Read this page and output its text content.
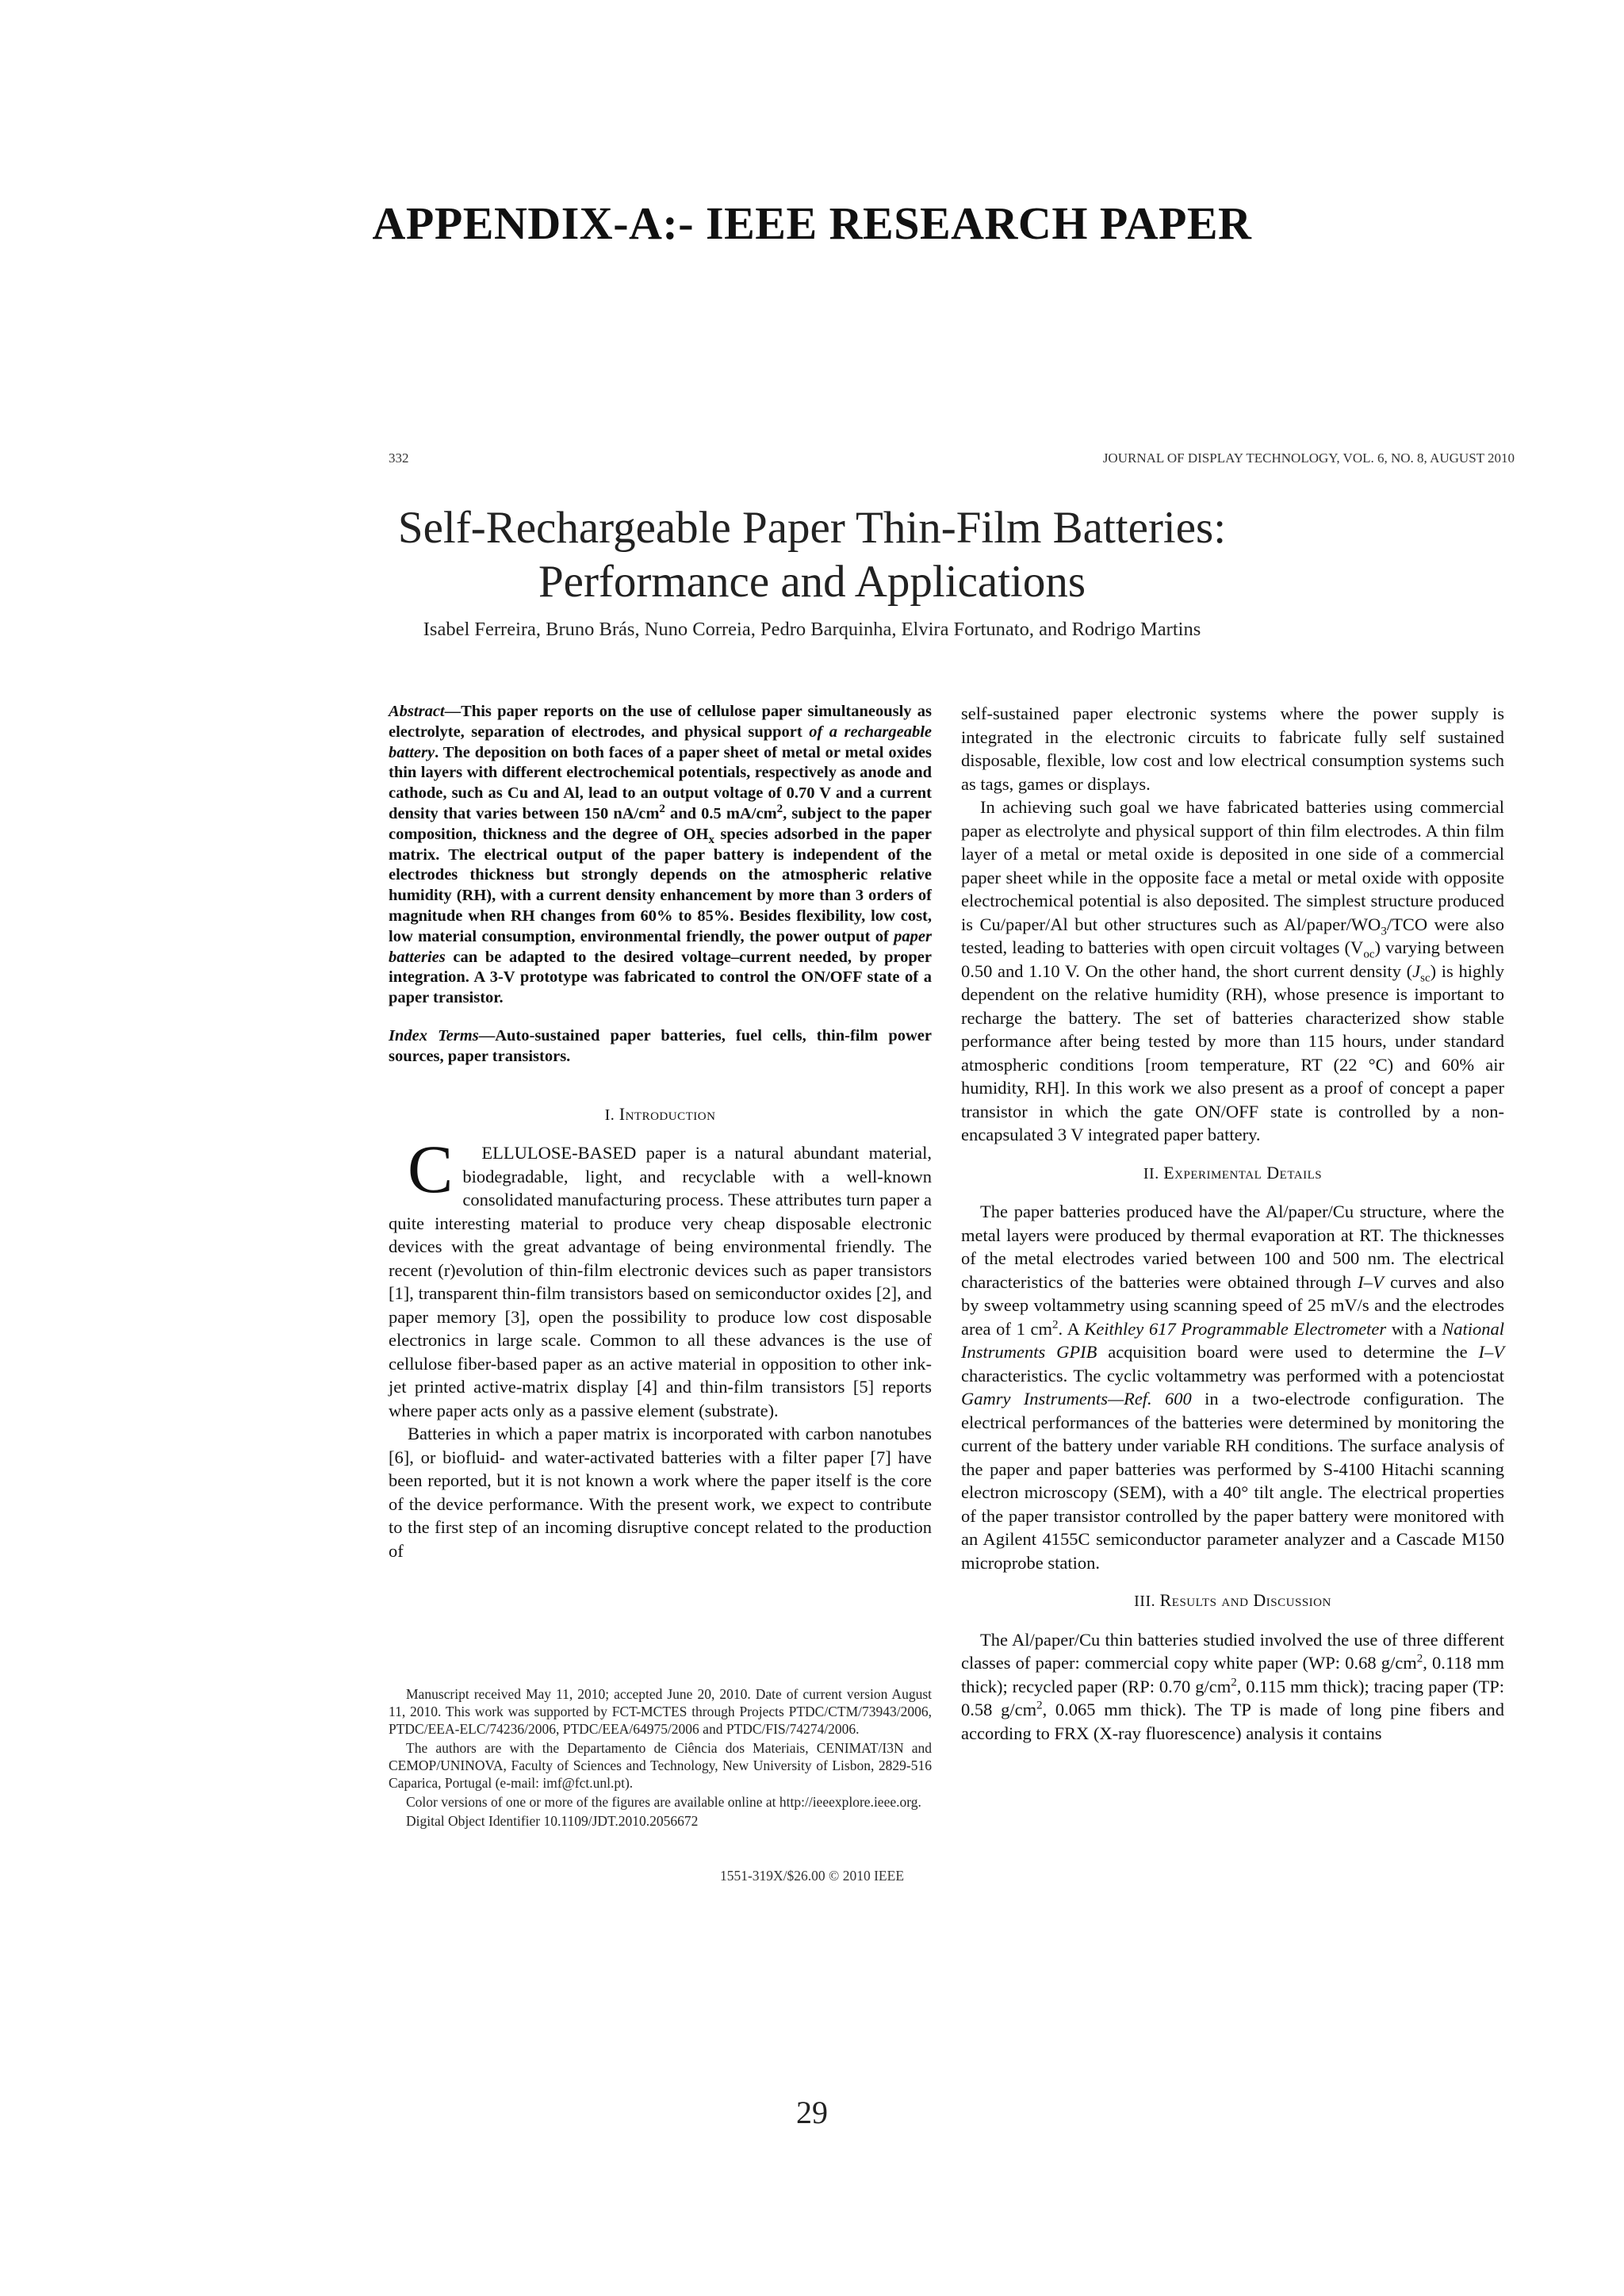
APPENDIX-A:- IEEE RESEARCH PAPER
332	JOURNAL OF DISPLAY TECHNOLOGY, VOL. 6, NO. 8, AUGUST 2010
Self-Rechargeable Paper Thin-Film Batteries:
Performance and Applications
Isabel Ferreira, Bruno Brás, Nuno Correia, Pedro Barquinha, Elvira Fortunato, and Rodrigo Martins
Abstract—This paper reports on the use of cellulose paper simultaneously as electrolyte, separation of electrodes, and physical support of a rechargeable battery. The deposition on both faces of a paper sheet of metal or metal oxides thin layers with different electrochemical potentials, respectively as anode and cathode, such as Cu and Al, lead to an output voltage of 0.70 V and a current density that varies between 150 $nA/cm^2$ and 0.5 $mA/cm^2$, subject to the paper composition, thickness and the degree of $OH_x$ species adsorbed in the paper matrix. The electrical output of the paper battery is independent of the electrodes thickness but strongly depends on the atmospheric relative humidity (RH), with a current density enhancement by more than 3 orders of magnitude when RH changes from 60% to 85%. Besides flexibility, low cost, low material consumption, environmental friendly, the power output of paper batteries can be adapted to the desired voltage–current needed, by proper integration. A 3-V prototype was fabricated to control the ON/OFF state of a paper transistor.
Index Terms—Auto-sustained paper batteries, fuel cells, thin-film power sources, paper transistors.
I. Introduction

C ELLULOSE-BASED paper is a natural abundant material, biodegradable, light, and recyclable with a well-known consolidated manufacturing process. These attributes turn paper a quite interesting material to produce very cheap disposable electronic devices with the great advantage of being environmental friendly. The recent (r)evolution of thin-film electronic devices such as paper transistors [1], transparent thin-film transistors based on semiconductor oxides [2], and paper memory [3], open the possibility to produce low cost disposable electronics in large scale. Common to all these advances is the use of cellulose fiber-based paper as an active material in opposition to other ink-jet printed active-matrix display [4] and thin-film transistors [5] reports where paper acts only as a passive element (substrate).

Batteries in which a paper matrix is incorporated with carbon nanotubes [6], or biofluid- and water-activated batteries with a filter paper [7] have been reported, but it is not known a work where the paper itself is the core of the device performance. With the present work, we expect to contribute to the first step of an incoming disruptive concept related to the production of

self-sustained paper electronic systems where the power supply is integrated in the electronic circuits to fabricate fully self sustained disposable, flexible, low cost and low electrical consumption systems such as tags, games or displays.

In achieving such goal we have fabricated batteries using commercial paper as electrolyte and physical support of thin film electrodes. A thin film layer of a metal or metal oxide is deposited in one side of a commercial paper sheet while in the opposite face a metal or metal oxide with opposite electrochemical potential is also deposited. The simplest structure produced is Cu/paper/Al but other structures such as $Al/paper/WO_3$/TCO were also tested, leading to batteries with open circuit voltages $(V_{oc})$ varying between 0.50 and 1.10 V. On the other hand, the short current density $(J_{sc})$ is highly dependent on the relative humidity (RH), whose presence is important to recharge the battery. The set of batteries characterized show stable performance after being tested by more than 115 hours, under standard atmospheric conditions [room temperature, RT (22 °C) and 60% air humidity, RH]. In this work we also present as a proof of concept a paper transistor in which the gate ON/OFF state is controlled by a non-encapsulated 3 V integrated paper battery.

II. Experimental Details

The paper batteries produced have the Al/paper/Cu structure, where the metal layers were produced by thermal evaporation at RT. The thicknesses of the metal electrodes varied between 100 and 500 nm. The electrical characteristics of the batteries were obtained through I–V curves and also by sweep voltammetry using scanning speed of 25 mV/s and the electrodes area of 1 $cm^2$. A Keithley 617 Programmable Electrometer with a National Instruments GPIB acquisition board were used to determine the I–V characteristics. The cyclic voltammetry was performed with a potenciostat Gamry Instruments—Ref. 600 in a two-electrode configuration. The electrical performances of the batteries were determined by monitoring the current of the battery under variable RH conditions. The surface analysis of the paper and paper batteries was performed by S-4100 Hitachi scanning electron microscopy (SEM), with a 40° tilt angle. The electrical properties of the paper transistor controlled by the paper battery were monitored with an Agilent 4155C semiconductor parameter analyzer and a Cascade M150 microprobe station.

III. Results and Discussion

The Al/paper/Cu thin batteries studied involved the use of three different classes of paper: commercial copy white paper (WP: 0.68 $g/cm^2$, 0.118 mm thick); recycled paper (RP: 0.70 $g/cm^2$, 0.115 mm thick); tracing paper (TP: 0.58 $g/cm^2$, 0.065 mm thick). The TP is made of long pine fibers and according to FRX (X-ray fluorescence) analysis it contains

Manuscript received May 11, 2010; accepted June 20, 2010. Date of current version August 11, 2010. This work was supported by FCT-MCTES through Projects PTDC/CTM/73943/2006, PTDC/EEA-ELC/74236/2006, PTDC/EEA/64975/2006 and PTDC/FIS/74274/2006.

The authors are with the Departamento de Ciência dos Materiais, CENIMAT/I3N and CEMOP/UNINOVA, Faculty of Sciences and Technology, New University of Lisbon, 2829-516 Caparica, Portugal (e-mail: imf@fct.unl.pt).

Color versions of one or more of the figures are available online at http://ieeexplore.ieee.org.

Digital Object Identifier 10.1109/JDT.2010.2056672

1551-319X/$26.00 © 2010 IEEE
29
